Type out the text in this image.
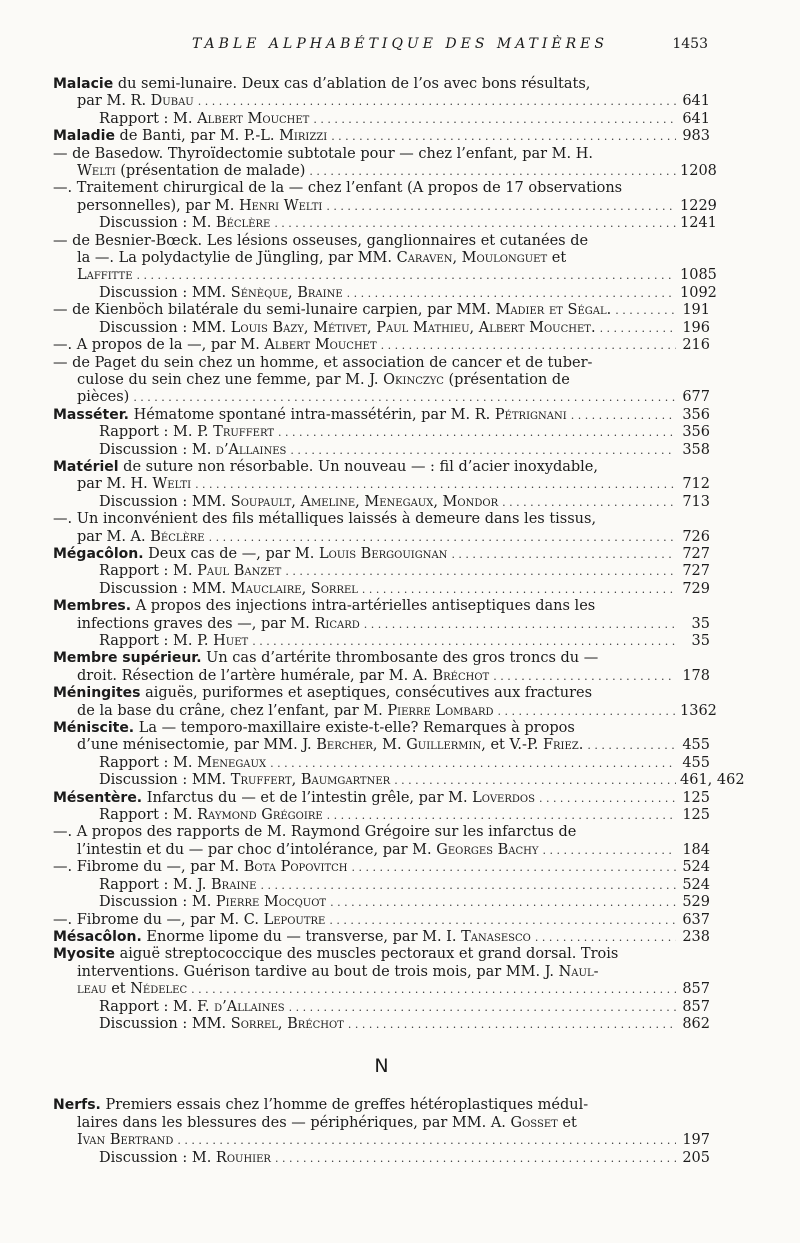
TABLE ALPHABÉTIQUE DES MATIÈRES	1453

Malacie du semi-lunaire. Deux cas d’ablation de l’os avec bons résultats,

par M. R. Dubau . . .	641
Rapport : M. Albert Mouchet . . .	641
Maladie de Banti, par M. P.-L. Mirizzi . . .	983

— de Basedow. Thyroïdectomie subtotale pour — chez l’enfant, par M. H.

Welti (présentation de malade) . . .	1208

—. Traitement chirurgical de la — chez l’enfant (A propos de 17 observations

personnelles), par M. Henri Welti . . .	1229
Discussion : M. Béclère . . .	1241

— de Besnier-Bœck. Les lésions osseuses, ganglionnaires et cutanées de

la —. La polydactylie de Jüngling, par MM. Caraven, Moulonguet et

Laffitte . . .	1085
Discussion : MM. Sénèque, Braine . . .	1092
— de Kienböch bilatérale du semi-lunaire carpien, par MM. Madier et Ségal. . . .	191
Discussion : MM. Louis Bazy, Métivet, Paul Mathieu, Albert Mouchet. . . .	196
—. A propos de la —, par M. Albert Mouchet . . .	216

— de Paget du sein chez un homme, et association de cancer et de tuber-

culose du sein chez une femme, par M. J. Okinczyc (présentation de

pièces) . . .	677
Masséter. Hématome spontané intra-massétérin, par M. R. Pétrignani . . .	356
Rapport : M. P. Truffert . . .	356
Discussion : M. d’Allaines . . .	358

Matériel de suture non résorbable. Un nouveau — : fil d’acier inoxydable,

par M. H. Welti . . .	712
Discussion : MM. Soupault, Ameline, Menegaux, Mondor . . .	713

—. Un inconvénient des fils métalliques laissés à demeure dans les tissus,

par M. A. Béclère . . .	726
Mégacôlon. Deux cas de —, par M. Louis Bergouignan . . .	727
Rapport : M. Paul Banzet . . .	727
Discussion : MM. Mauclaire, Sorrel . . .	729

Membres. A propos des injections intra-artérielles antiseptiques dans les

infections graves des —, par M. Ricard . . .	35
Rapport : M. P. Huet . . .	35

Membre supérieur. Un cas d’artérite thrombosante des gros troncs du —

droit. Résection de l’artère humérale, par M. A. Bréchot . . .	178

Méningites aiguës, puriformes et aseptiques, consécutives aux fractures

de la base du crâne, chez l’enfant, par M. Pierre Lombard . . .	1362

Méniscite. La — temporo-maxillaire existe-t-elle? Remarques à propos

d’une ménisectomie, par MM. J. Bercher, M. Guillermin, et V.-P. Friez. . . .	455
Rapport : M. Menegaux . . .	455
Discussion : MM. Truffert, Baumgartner . . .	461, 462
Mésentère. Infarctus du — et de l’intestin grêle, par M. Loverdos . . .	125
Rapport : M. Raymond Grégoire . . .	125

—. A propos des rapports de M. Raymond Grégoire sur les infarctus de

l’intestin et du — par choc d’intolérance, par M. Georges Bachy . . .	184
—. Fibrome du —, par M. Bota Popovitch . . .	524
Rapport : M. J. Braine . . .	524
Discussion : M. Pierre Mocquot . . .	529
—. Fibrome du —, par M. C. Lepoutre . . .	637
Mésacôlon. Enorme lipome du — transverse, par M. I. Tanasesco . . .	238

Myosite aiguë streptococcique des muscles pectoraux et grand dorsal. Trois

interventions. Guérison tardive au bout de trois mois, par MM. J. Naul-

leau et Nédelec . . .	857
Rapport : M. F. d’Allaines . . .	857
Discussion : MM. Sorrel, Bréchot . . .	862
N

Nerfs. Premiers essais chez l’homme de greffes hétéroplastiques médul-

laires dans les blessures des — périphériques, par MM. A. Gosset et

Ivan Bertrand . . .	197
Discussion : M. Rouhier . . .	205
